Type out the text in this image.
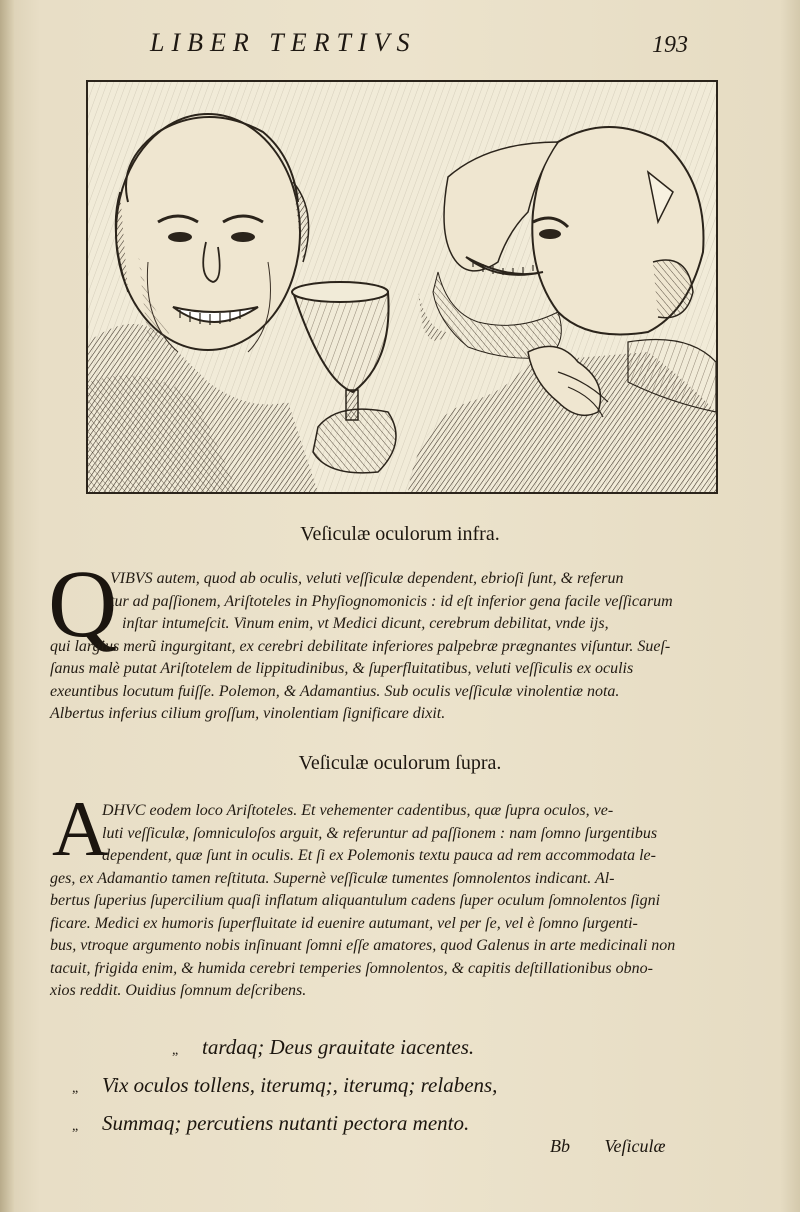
LIBER TERTIVS	193
Veſiculæ oculorum infra.
Q
VIBVS autem, quod ab oculis, veluti veſſiculæ dependent, ebrioſi ſunt, & referun
tur ad paſſionem, Ariſtoteles in Phyſiognomonicis : id eſt inferior gena facile veſſicarum
inſtar intumeſcit. Vinum enim, vt Medici dicunt, cerebrum debilitat, vnde ijs,
qui largius merũ ingurgitant, ex cerebri debilitate inferiores palpebræ prægnantes viſuntur. Sueſ-
ſanus malè putat Ariſtotelem de lippitudinibus, & ſuperfluitatibus, veluti veſſiculis ex oculis
exeuntibus locutum fuiſſe. Polemon, & Adamantius. Sub oculis veſſiculæ vinolentiæ nota.
Albertus inferius cilium groſſum, vinolentiam ſignificare dixit.
Veſiculæ oculorum ſupra.
A
DHVC eodem loco Ariſtoteles. Et vehementer cadentibus, quæ ſupra oculos, ve-
luti veſſiculæ, ſomniculoſos arguit, & referuntur ad paſſionem : nam ſomno ſurgentibus
dependent, quæ ſunt in oculis. Et ſi ex Polemonis textu pauca ad rem accommodata le-
ges, ex Adamantio tamen reſtituta. Supernè veſſiculæ tumentes ſomnolentos indicant. Al-
bertus ſuperius ſupercilium quaſi inflatum aliquantulum cadens ſuper oculum ſomnolentos ſigni
ficare. Medici ex humoris ſuperfluitate id euenire autumant, vel per ſe, vel è ſomno ſurgenti-
bus, vtroque argumento nobis inſinuant ſomni eſſe amatores, quod Galenus in arte medicinali non
tacuit, frigida enim, & humida cerebri temperies ſomnolentos, & capitis deſtillationibus obno-
xios reddit. Ouidius ſomnum deſcribens.
„ tardaq; Deus grauitate iacentes.
„ Vix oculos tollens, iterumq;, iterumq; relabens,
„ Summaq; percutiens nutanti pectora mento.
Bb Veſiculæ
